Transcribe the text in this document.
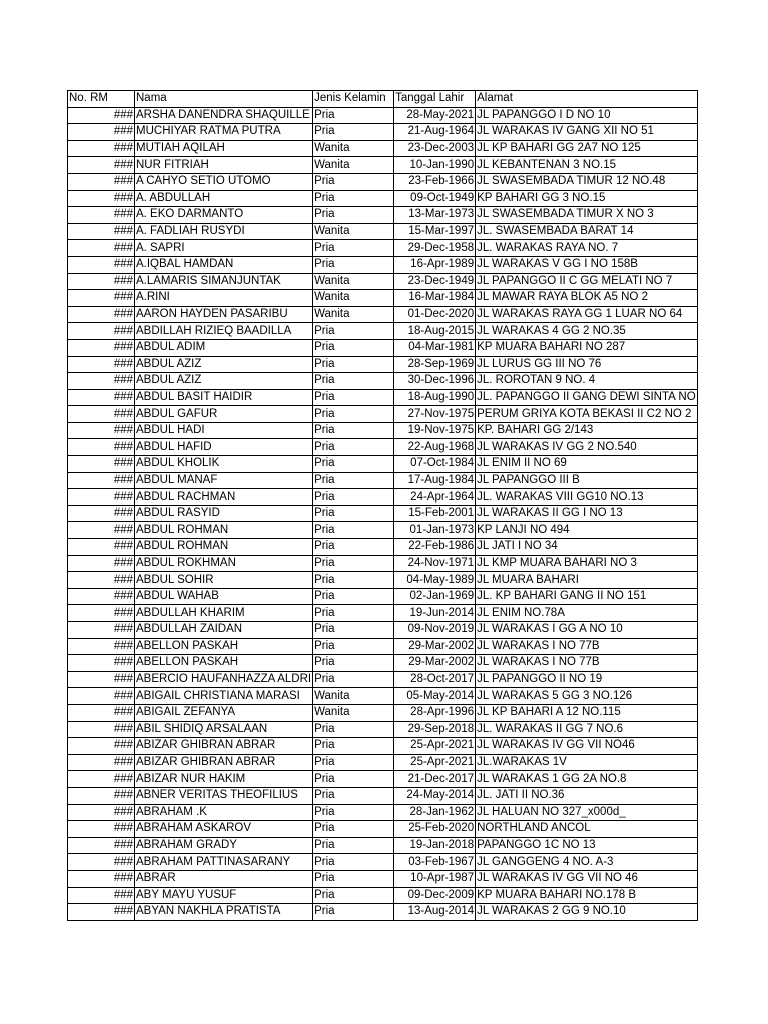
No. RM	Nama	Jenis Kelamin	Tanggal Lahir	Alamat
###	ARSHA DANENDRA SHAQUILLE	Pria	28-May-2021	JL PAPANGGO I D NO 10
###	MUCHIYAR RATMA PUTRA	Pria	21-Aug-1964	JL WARAKAS IV GANG XII NO 51
###	MUTIAH AQILAH	Wanita	23-Dec-2003	JL KP BAHARI GG 2A7 NO 125
###	NUR FITRIAH	Wanita	10-Jan-1990	JL KEBANTENAN 3 NO.15
###	A CAHYO SETIO UTOMO	Pria	23-Feb-1966	JL SWASEMBADA TIMUR 12 NO.48
###	A. ABDULLAH	Pria	09-Oct-1949	KP BAHARI GG 3 NO.15
###	A. EKO DARMANTO	Pria	13-Mar-1973	JL SWASEMBADA TIMUR X NO 3
###	A. FADLIAH RUSYDI	Wanita	15-Mar-1997	JL. SWASEMBADA BARAT 14
###	A. SAPRI	Pria	29-Dec-1958	JL. WARAKAS RAYA NO. 7
###	A.IQBAL HAMDAN	Pria	16-Apr-1989	JL WARAKAS V GG I NO 158B
###	A.LAMARIS SIMANJUNTAK	Wanita	23-Dec-1949	JL PAPANGGO II C GG MELATI NO 7
###	A.RINI	Wanita	16-Mar-1984	JL MAWAR RAYA BLOK A5 NO 2
###	AARON HAYDEN PASARIBU	Wanita	01-Dec-2020	JL WARAKAS RAYA GG 1 LUAR NO 64
###	ABDILLAH RIZIEQ BAADILLA	Pria	18-Aug-2015	JL WARAKAS 4 GG 2 NO.35
###	ABDUL ADIM	Pria	04-Mar-1981	KP MUARA BAHARI NO 287
###	ABDUL AZIZ	Pria	28-Sep-1969	JL LURUS GG III NO 76
###	ABDUL AZIZ	Pria	30-Dec-1996	JL. ROROTAN 9 NO. 4
###	ABDUL BASIT HAIDIR	Pria	18-Aug-1990	JL. PAPANGGO II GANG DEWI SINTA NO
###	ABDUL GAFUR	Pria	27-Nov-1975	PERUM GRIYA KOTA BEKASI II C2 NO 2
###	ABDUL HADI	Pria	19-Nov-1975	KP. BAHARI GG 2/143
###	ABDUL HAFID	Pria	22-Aug-1968	JL WARAKAS IV GG 2 NO.540
###	ABDUL KHOLIK	Pria	07-Oct-1984	JL ENIM II NO 69
###	ABDUL MANAF	Pria	17-Aug-1984	JL PAPANGGO III B
###	ABDUL RACHMAN	Pria	24-Apr-1964	JL. WARAKAS VIII GG10 NO.13
###	ABDUL RASYID	Pria	15-Feb-2001	JL WARAKAS II GG I NO 13
###	ABDUL ROHMAN	Pria	01-Jan-1973	KP LANJI NO 494
###	ABDUL ROHMAN	Pria	22-Feb-1986	JL JATI I NO 34
###	ABDUL ROKHMAN	Pria	24-Nov-1971	JL KMP MUARA BAHARI NO 3
###	ABDUL SOHIR	Pria	04-May-1989	JL MUARA BAHARI
###	ABDUL WAHAB	Pria	02-Jan-1969	JL. KP BAHARI GANG II NO 151
###	ABDULLAH KHARIM	Pria	19-Jun-2014	JL ENIM NO.78A
###	ABDULLAH ZAIDAN	Pria	09-Nov-2019	JL WARAKAS I GG A NO 10
###	ABELLON PASKAH	Pria	29-Mar-2002	JL WARAKAS I NO 77B
###	ABELLON PASKAH	Pria	29-Mar-2002	JL WARAKAS I NO 77B
###	ABERCIO HAUFANHAZZA ALDRI	Pria	28-Oct-2017	JL PAPANGGO II NO 19
###	ABIGAIL CHRISTIANA MARASI	Wanita	05-May-2014	JL WARAKAS 5 GG 3 NO.126
###	ABIGAIL ZEFANYA	Wanita	28-Apr-1996	JL KP BAHARI A 12 NO.115
###	ABIL SHIDIQ ARSALAAN	Pria	29-Sep-2018	JL. WARAKAS II GG 7 NO.6
###	ABIZAR GHIBRAN ABRAR	Pria	25-Apr-2021	JL WARAKAS IV GG VII NO46
###	ABIZAR GHIBRAN ABRAR	Pria	25-Apr-2021	JL.WARAKAS 1V
###	ABIZAR NUR HAKIM	Pria	21-Dec-2017	JL WARAKAS 1 GG 2A NO.8
###	ABNER VERITAS THEOFILIUS	Pria	24-May-2014	JL. JATI II NO.36
###	ABRAHAM .K	Pria	28-Jan-1962	JL HALUAN NO 327_x000d_
###	ABRAHAM ASKAROV	Pria	25-Feb-2020	NORTHLAND ANCOL
###	ABRAHAM GRADY	Pria	19-Jan-2018	PAPANGGO 1C NO 13
###	ABRAHAM PATTINASARANY	Pria	03-Feb-1967	JL GANGGENG 4 NO. A-3
###	ABRAR	Pria	10-Apr-1987	JL WARAKAS IV GG VII NO 46
###	ABY MAYU YUSUF	Pria	09-Dec-2009	KP MUARA BAHARI NO.178 B
###	ABYAN NAKHLA PRATISTA	Pria	13-Aug-2014	JL WARAKAS 2 GG 9 NO.10
